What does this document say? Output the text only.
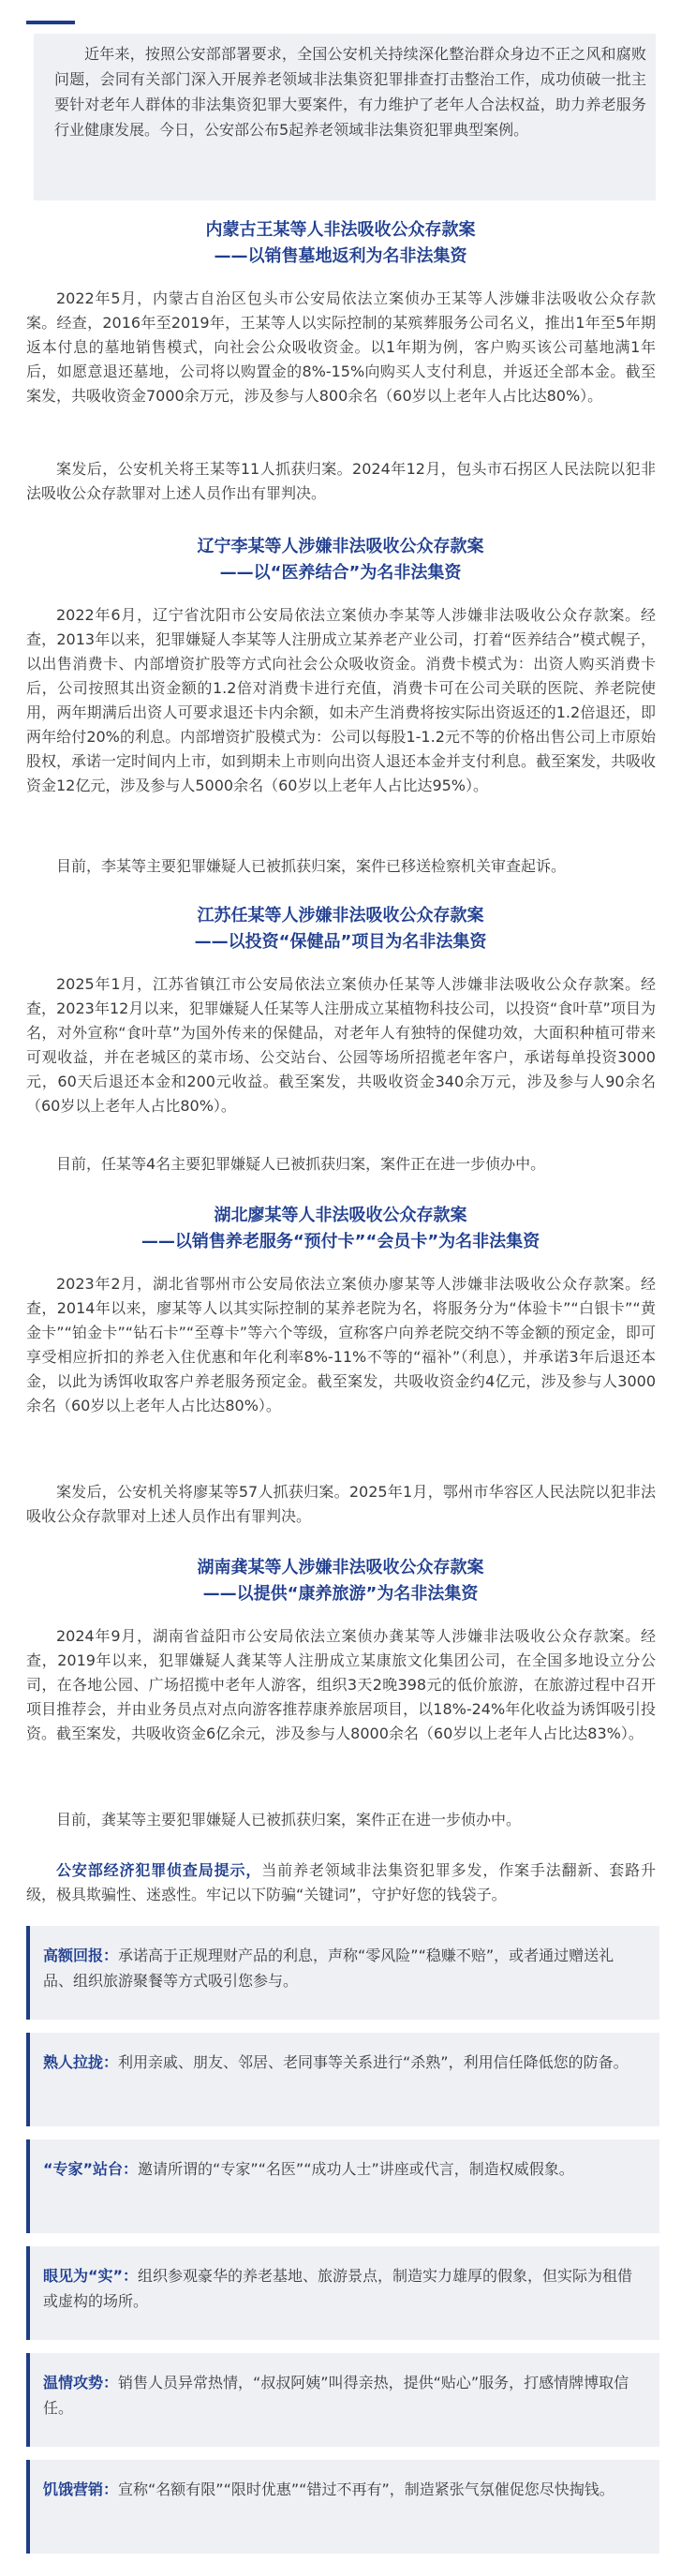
近年来，按照公安部部署要求，全国公安机关持续深化整治群众身边不正之风和腐败问题，会同有关部门深入开展养老领域非法集资犯罪排查打击整治工作，成功侦破一批主要针对老年人群体的非法集资犯罪大要案件，有力维护了老年人合法权益，助力养老服务行业健康发展。今日，公安部公布5起养老领域非法集资犯罪典型案例。

内蒙古王某等人非法吸收公众存款案

——以销售墓地返利为名非法集资

2022年5月，内蒙古自治区包头市公安局依法立案侦办王某等人涉嫌非法吸收公众存款案。经查，2016年至2019年，王某等人以实际控制的某殡葬服务公司名义，推出1年至5年期返本付息的墓地销售模式，向社会公众吸收资金。以1年期为例，客户购买该公司墓地满1年后，如愿意退还墓地，公司将以购置金的8%-15%向购买人支付利息，并返还全部本金。截至案发，共吸收资金7000余万元，涉及参与人800余名（60岁以上老年人占比达80%）。

案发后，公安机关将王某等11人抓获归案。2024年12月，包头市石拐区人民法院以犯非法吸收公众存款罪对上述人员作出有罪判决。

辽宁李某等人涉嫌非法吸收公众存款案

——以“医养结合”为名非法集资

2022年6月，辽宁省沈阳市公安局依法立案侦办李某等人涉嫌非法吸收公众存款案。经查，2013年以来，犯罪嫌疑人李某等人注册成立某养老产业公司，打着“医养结合”模式幌子，以出售消费卡、内部增资扩股等方式向社会公众吸收资金。消费卡模式为：出资人购买消费卡后，公司按照其出资金额的1.2倍对消费卡进行充值，消费卡可在公司关联的医院、养老院使用，两年期满后出资人可要求退还卡内余额，如未产生消费将按实际出资返还的1.2倍退还，即两年给付20%的利息。内部增资扩股模式为：公司以每股1-1.2元不等的价格出售公司上市原始股权，承诺一定时间内上市，如到期未上市则向出资人退还本金并支付利息。截至案发，共吸收资金12亿元，涉及参与人5000余名（60岁以上老年人占比达95%）。

目前，李某等主要犯罪嫌疑人已被抓获归案，案件已移送检察机关审查起诉。

江苏任某等人涉嫌非法吸收公众存款案

——以投资“保健品”项目为名非法集资

2025年1月，江苏省镇江市公安局依法立案侦办任某等人涉嫌非法吸收公众存款案。经查，2023年12月以来，犯罪嫌疑人任某等人注册成立某植物科技公司，以投资“食叶草”项目为名，对外宣称“食叶草”为国外传来的保健品，对老年人有独特的保健功效，大面积种植可带来可观收益，并在老城区的菜市场、公交站台、公园等场所招揽老年客户，承诺每单投资3000元，60天后退还本金和200元收益。截至案发，共吸收资金340余万元，涉及参与人90余名（60岁以上老年人占比80%）。

目前，任某等4名主要犯罪嫌疑人已被抓获归案，案件正在进一步侦办中。

湖北廖某等人非法吸收公众存款案

——以销售养老服务“预付卡”“会员卡”为名非法集资

2023年2月，湖北省鄂州市公安局依法立案侦办廖某等人涉嫌非法吸收公众存款案。经查，2014年以来，廖某等人以其实际控制的某养老院为名，将服务分为“体验卡”“白银卡”“黄金卡”“铂金卡”“钻石卡”“至尊卡”等六个等级，宣称客户向养老院交纳不等金额的预定金，即可享受相应折扣的养老入住优惠和年化利率8%-11%不等的“福补”（利息），并承诺3年后退还本金，以此为诱饵收取客户养老服务预定金。截至案发，共吸收资金约4亿元，涉及参与人3000余名（60岁以上老年人占比达80%）。

案发后，公安机关将廖某等57人抓获归案。2025年1月，鄂州市华容区人民法院以犯非法吸收公众存款罪对上述人员作出有罪判决。

湖南龚某等人涉嫌非法吸收公众存款案

——以提供“康养旅游”为名非法集资

2024年9月，湖南省益阳市公安局依法立案侦办龚某等人涉嫌非法吸收公众存款案。经查，2019年以来，犯罪嫌疑人龚某等人注册成立某康旅文化集团公司，在全国多地设立分公司，在各地公园、广场招揽中老年人游客，组织3天2晚398元的低价旅游，在旅游过程中召开项目推荐会，并由业务员点对点向游客推荐康养旅居项目，以18%-24%年化收益为诱饵吸引投资。截至案发，共吸收资金6亿余元，涉及参与人8000余名（60岁以上老年人占比达83%）。

目前，龚某等主要犯罪嫌疑人已被抓获归案，案件正在进一步侦办中。

公安部经济犯罪侦查局提示，当前养老领域非法集资犯罪多发，作案手法翻新、套路升级，极具欺骗性、迷惑性。牢记以下防骗“关键词”，守护好您的钱袋子。

高额回报：承诺高于正规理财产品的利息，声称“零风险”“稳赚不赔”，或者通过赠送礼品、组织旅游聚餐等方式吸引您参与。

熟人拉拢：利用亲戚、朋友、邻居、老同事等关系进行“杀熟”，利用信任降低您的防备。

“专家”站台：邀请所谓的“专家”“名医”“成功人士”讲座或代言，制造权威假象。

眼见为“实”：组织参观豪华的养老基地、旅游景点，制造实力雄厚的假象，但实际为租借或虚构的场所。

温情攻势：销售人员异常热情，“叔叔阿姨”叫得亲热，提供“贴心”服务，打感情牌博取信任。

饥饿营销：宣称“名额有限”“限时优惠”“错过不再有”，制造紧张气氛催促您尽快掏钱。
